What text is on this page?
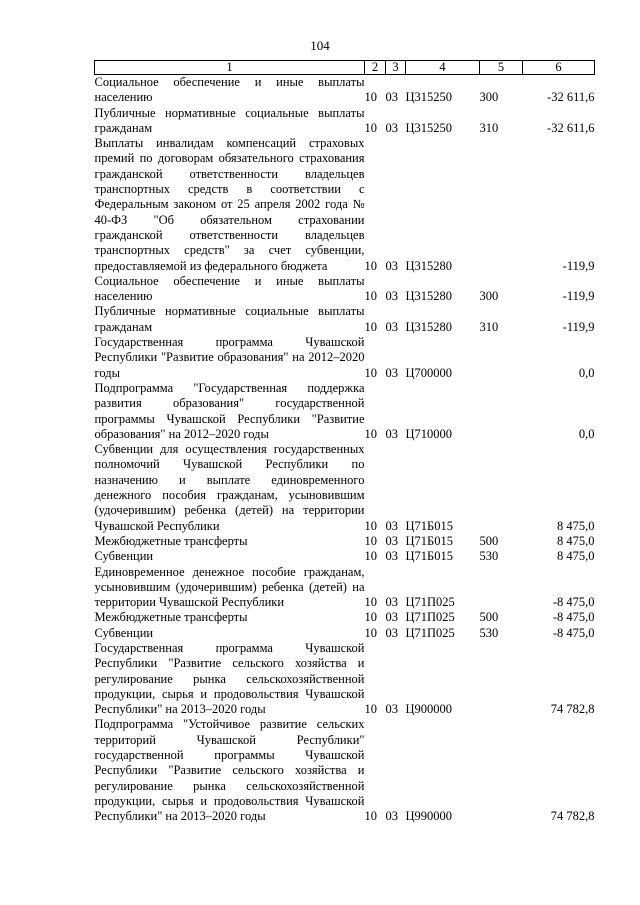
104
1	2	3	4	5	6
Социальное обеспечение и иные выплаты населению	10	03	Ц315250	300	-32 611,6
Публичные нормативные социальные выплаты гражданам	10	03	Ц315250	310	-32 611,6
Выплаты инвалидам компенсаций страховых премий по договорам обязательного страхования гражданской ответственности владельцев транспортных средств в соответствии с Федеральным законом от 25 апреля 2002 года № 40-ФЗ "Об обязательном страховании гражданской ответственности владельцев транспортных средств" за счет субвенции, предоставляемой из федерального бюджета	10	03	Ц315280		-119,9
Социальное обеспечение и иные выплаты населению	10	03	Ц315280	300	-119,9
Публичные нормативные социальные выплаты гражданам	10	03	Ц315280	310	-119,9
Государственная программа Чувашской Республики "Развитие образования" на 2012–2020 годы	10	03	Ц700000		0,0
Подпрограмма "Государственная поддержка развития образования" государственной программы Чувашской Республики "Развитие образования" на 2012–2020 годы	10	03	Ц710000		0,0
Субвенции для осуществления государственных полномочий Чувашской Республики по назначению и выплате единовременного денежного пособия гражданам, усыновившим (удочерившим) ребенка (детей) на территории Чувашской Республики	10	03	Ц71Б015		8 475,0
Межбюджетные трансферты	10	03	Ц71Б015	500	8 475,0
Субвенции	10	03	Ц71Б015	530	8 475,0
Единовременное денежное пособие гражданам, усыновившим (удочерившим) ребенка (детей) на территории Чувашской Республики	10	03	Ц71П025		-8 475,0
Межбюджетные трансферты	10	03	Ц71П025	500	-8 475,0
Субвенции	10	03	Ц71П025	530	-8 475,0
Государственная программа Чувашской Республики "Развитие сельского хозяйства и регулирование рынка сельскохозяйственной продукции, сырья и продовольствия Чувашской Республики" на 2013–2020 годы	10	03	Ц900000		74 782,8
Подпрограмма "Устойчивое развитие сельских территорий Чувашской Республики" государственной программы Чувашской Республики "Развитие сельского хозяйства и регулирование рынка сельскохозяйственной продукции, сырья и продовольствия Чувашской Республики" на 2013–2020 годы	10	03	Ц990000		74 782,8
